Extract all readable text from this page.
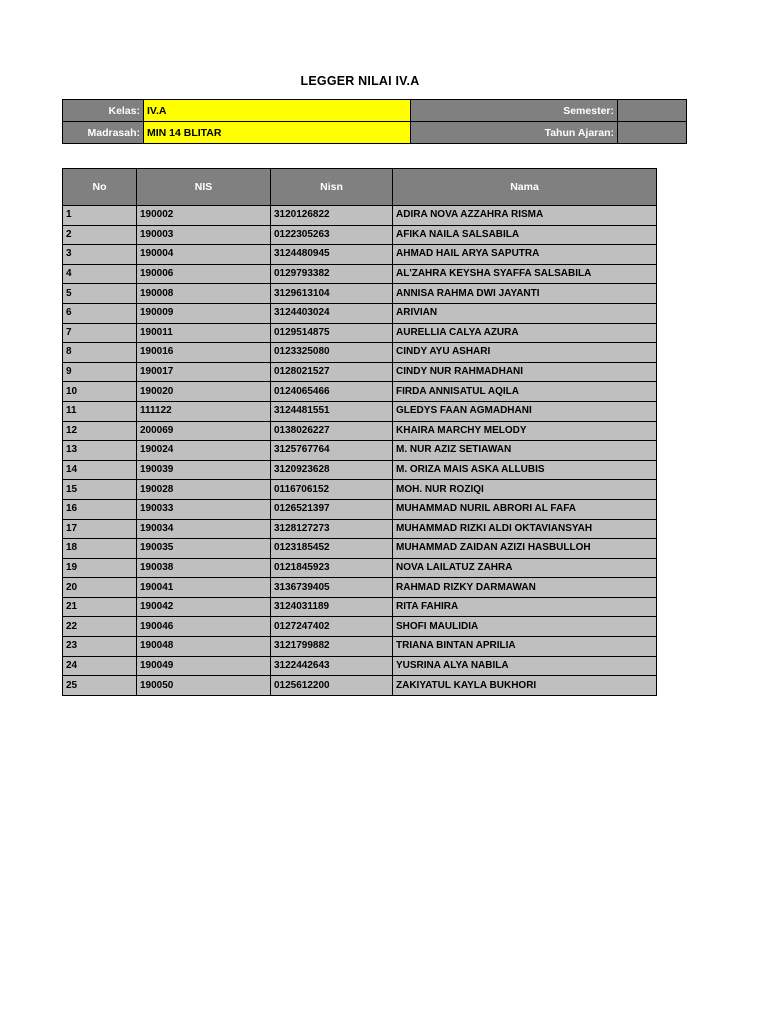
LEGGER NILAI IV.A
Kelas:	IV.A	Semester:	
Madrasah:	MIN 14 BLITAR	Tahun Ajaran:	
No	NIS	Nisn	Nama
1	190002	3120126822	ADIRA NOVA AZZAHRA RISMA
2	190003	0122305263	AFIKA NAILA SALSABILA
3	190004	3124480945	AHMAD HAIL ARYA SAPUTRA
4	190006	0129793382	AL'ZAHRA KEYSHA SYAFFA SALSABILA
5	190008	3129613104	ANNISA RAHMA DWI JAYANTI
6	190009	3124403024	ARIVIAN
7	190011	0129514875	AURELLIA CALYA AZURA
8	190016	0123325080	CINDY AYU ASHARI
9	190017	0128021527	CINDY NUR RAHMADHANI
10	190020	0124065466	FIRDA ANNISATUL AQILA
11	111122	3124481551	GLEDYS FAAN AGMADHANI
12	200069	0138026227	KHAIRA MARCHY MELODY
13	190024	3125767764	M. NUR AZIZ SETIAWAN
14	190039	3120923628	M. ORIZA MAIS ASKA ALLUBIS
15	190028	0116706152	MOH. NUR ROZIQI
16	190033	0126521397	MUHAMMAD NURIL ABRORI AL FAFA
17	190034	3128127273	MUHAMMAD RIZKI ALDI OKTAVIANSYAH
18	190035	0123185452	MUHAMMAD ZAIDAN AZIZI HASBULLOH
19	190038	0121845923	NOVA LAILATUZ ZAHRA
20	190041	3136739405	RAHMAD RIZKY DARMAWAN
21	190042	3124031189	RITA FAHIRA
22	190046	0127247402	SHOFI MAULIDIA
23	190048	3121799882	TRIANA BINTAN APRILIA
24	190049	3122442643	YUSRINA ALYA NABILA
25	190050	0125612200	ZAKIYATUL KAYLA BUKHORI
